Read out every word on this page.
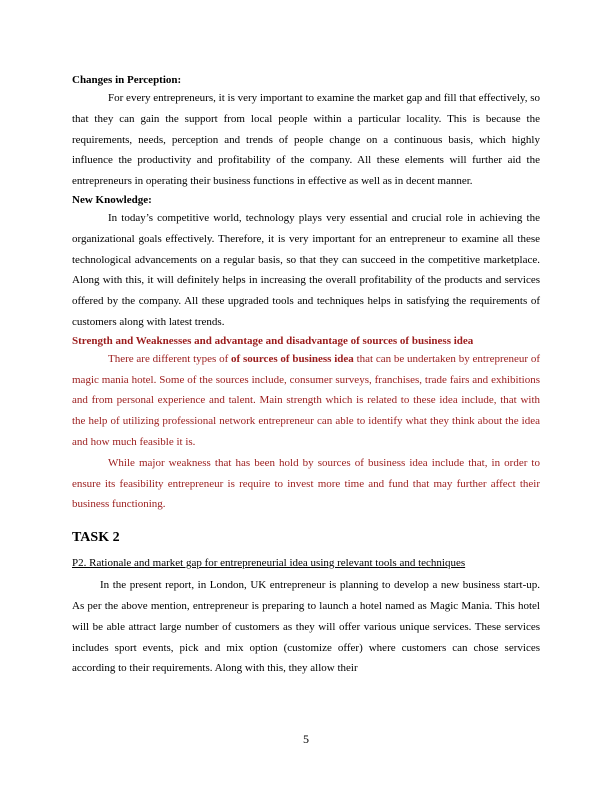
Changes in Perception:

For every entrepreneurs, it is very important to examine the market gap and fill that effectively, so that they can gain the support from local people within a particular locality. This is because the requirements, needs, perception and trends of people change on a continuous basis, which highly influence the productivity and profitability of the company. All these elements will further aid the entrepreneurs in operating their business functions in effective as well as in decent manner.

New Knowledge:

In today’s competitive world, technology plays very essential and crucial role in achieving the organizational goals effectively. Therefore, it is very important for an entrepreneur to examine all these technological advancements on a regular basis, so that they can succeed in the competitive marketplace. Along with this, it will definitely helps in increasing the overall profitability of the products and services offered by the company. All these upgraded tools and techniques helps in satisfying the requirements of customers along with latest trends.

Strength and Weaknesses and advantage and disadvantage of sources of business idea

There are different types of of sources of business idea that can be undertaken by entrepreneur of magic mania hotel. Some of the sources include, consumer surveys, franchises, trade fairs and exhibitions and from personal experience and talent. Main strength which is related to these idea include, that with the help of utilizing professional network entrepreneur can able to identify what they think about the idea and how much feasible it is.

While major weakness that has been hold by sources of business idea include that, in order to ensure its feasibility entrepreneur is require to invest more time and fund that may further affect their business functioning.

TASK 2

P2. Rationale and market gap for entrepreneurial idea using relevant tools and techniques

In the present report, in London, UK entrepreneur is planning to develop a new business start-up. As per the above mention, entrepreneur is preparing to launch a hotel named as Magic Mania. This hotel will be able attract large number of customers as they will offer various unique services. These services includes sport events, pick and mix option (customize offer) where customers can chose services according to their requirements. Along with this, they allow their

5
